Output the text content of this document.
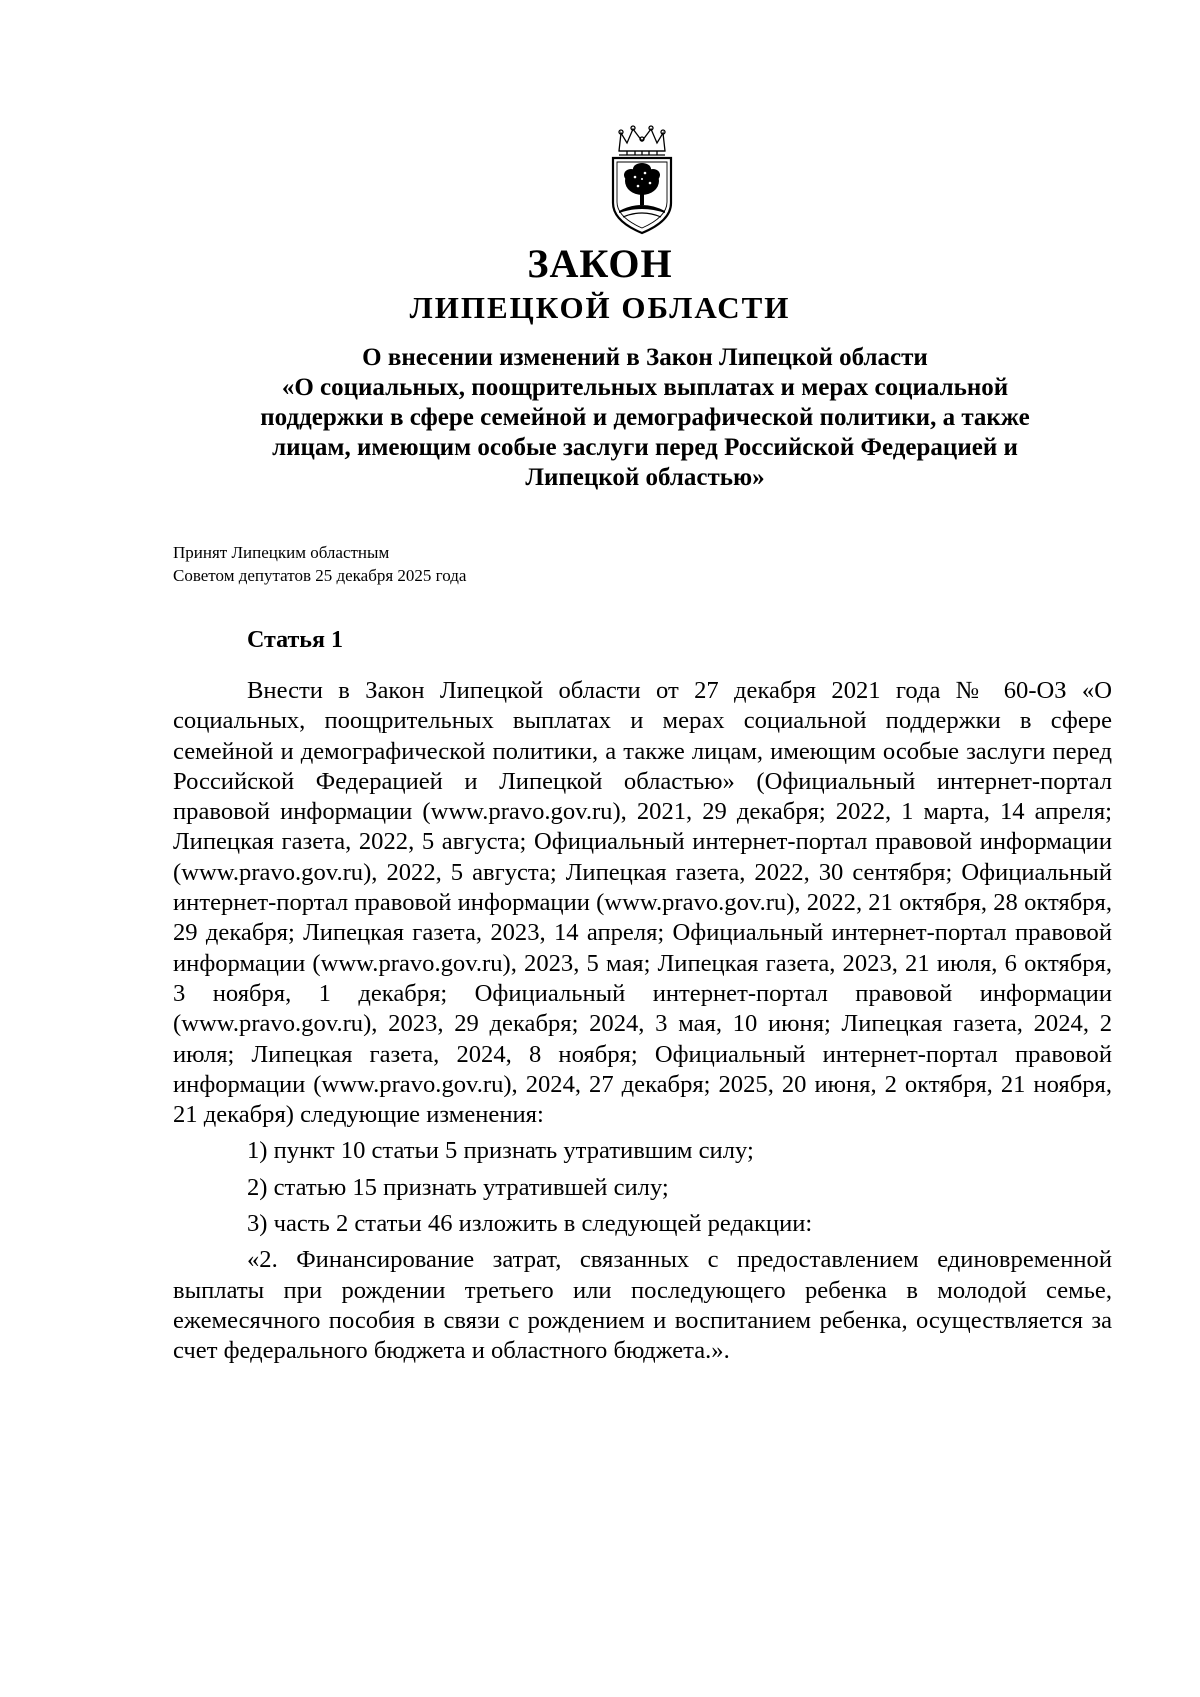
ЗАКОН
ЛИПЕЦКОЙ ОБЛАСТИ
О внесении изменений в Закон Липецкой области
«О социальных, поощрительных выплатах и мерах социальной
поддержки в сфере семейной и демографической политики, а также
лицам, имеющим особые заслуги перед Российской Федерацией и
Липецкой областью»
Принят Липецким областным
Советом депутатов 25 декабря 2025 года
Статья 1

Внести в Закон Липецкой области от 27 декабря 2021 года № 60-ОЗ «О социальных, поощрительных выплатах и мерах социальной поддержки в сфере семейной и демографической политики, а также лицам, имеющим особые заслуги перед Российской Федерацией и Липецкой областью» (Официальный интернет-портал правовой информации (www.pravo.gov.ru), 2021, 29 декабря; 2022, 1 марта, 14 апреля; Липецкая газета, 2022, 5 августа; Официальный интернет-портал правовой информации (www.pravo.gov.ru), 2022, 5 августа; Липецкая газета, 2022, 30 сентября; Официальный интернет-портал правовой информации (www.pravo.gov.ru), 2022, 21 октября, 28 октября, 29 декабря; Липецкая газета, 2023, 14 апреля; Официальный интернет-портал правовой информации (www.pravo.gov.ru), 2023, 5 мая; Липецкая газета, 2023, 21 июля, 6 октября, 3 ноября, 1 декабря; Официальный интернет-портал правовой информации (www.pravo.gov.ru), 2023, 29 декабря; 2024, 3 мая, 10 июня; Липецкая газета, 2024, 2 июля; Липецкая газета, 2024, 8 ноября; Официальный интернет-портал правовой информации (www.pravo.gov.ru), 2024, 27 декабря; 2025, 20 июня, 2 октября, 21 ноября, 21 декабря) следующие изменения:

1) пункт 10 статьи 5 признать утратившим силу;

2) статью 15 признать утратившей силу;

3) часть 2 статьи 46 изложить в следующей редакции:

«2. Финансирование затрат, связанных с предоставлением единовременной выплаты при рождении третьего или последующего ребенка в молодой семье, ежемесячного пособия в связи с рождением и воспитанием ребенка, осуществляется за счет федерального бюджета и областного бюджета.».
